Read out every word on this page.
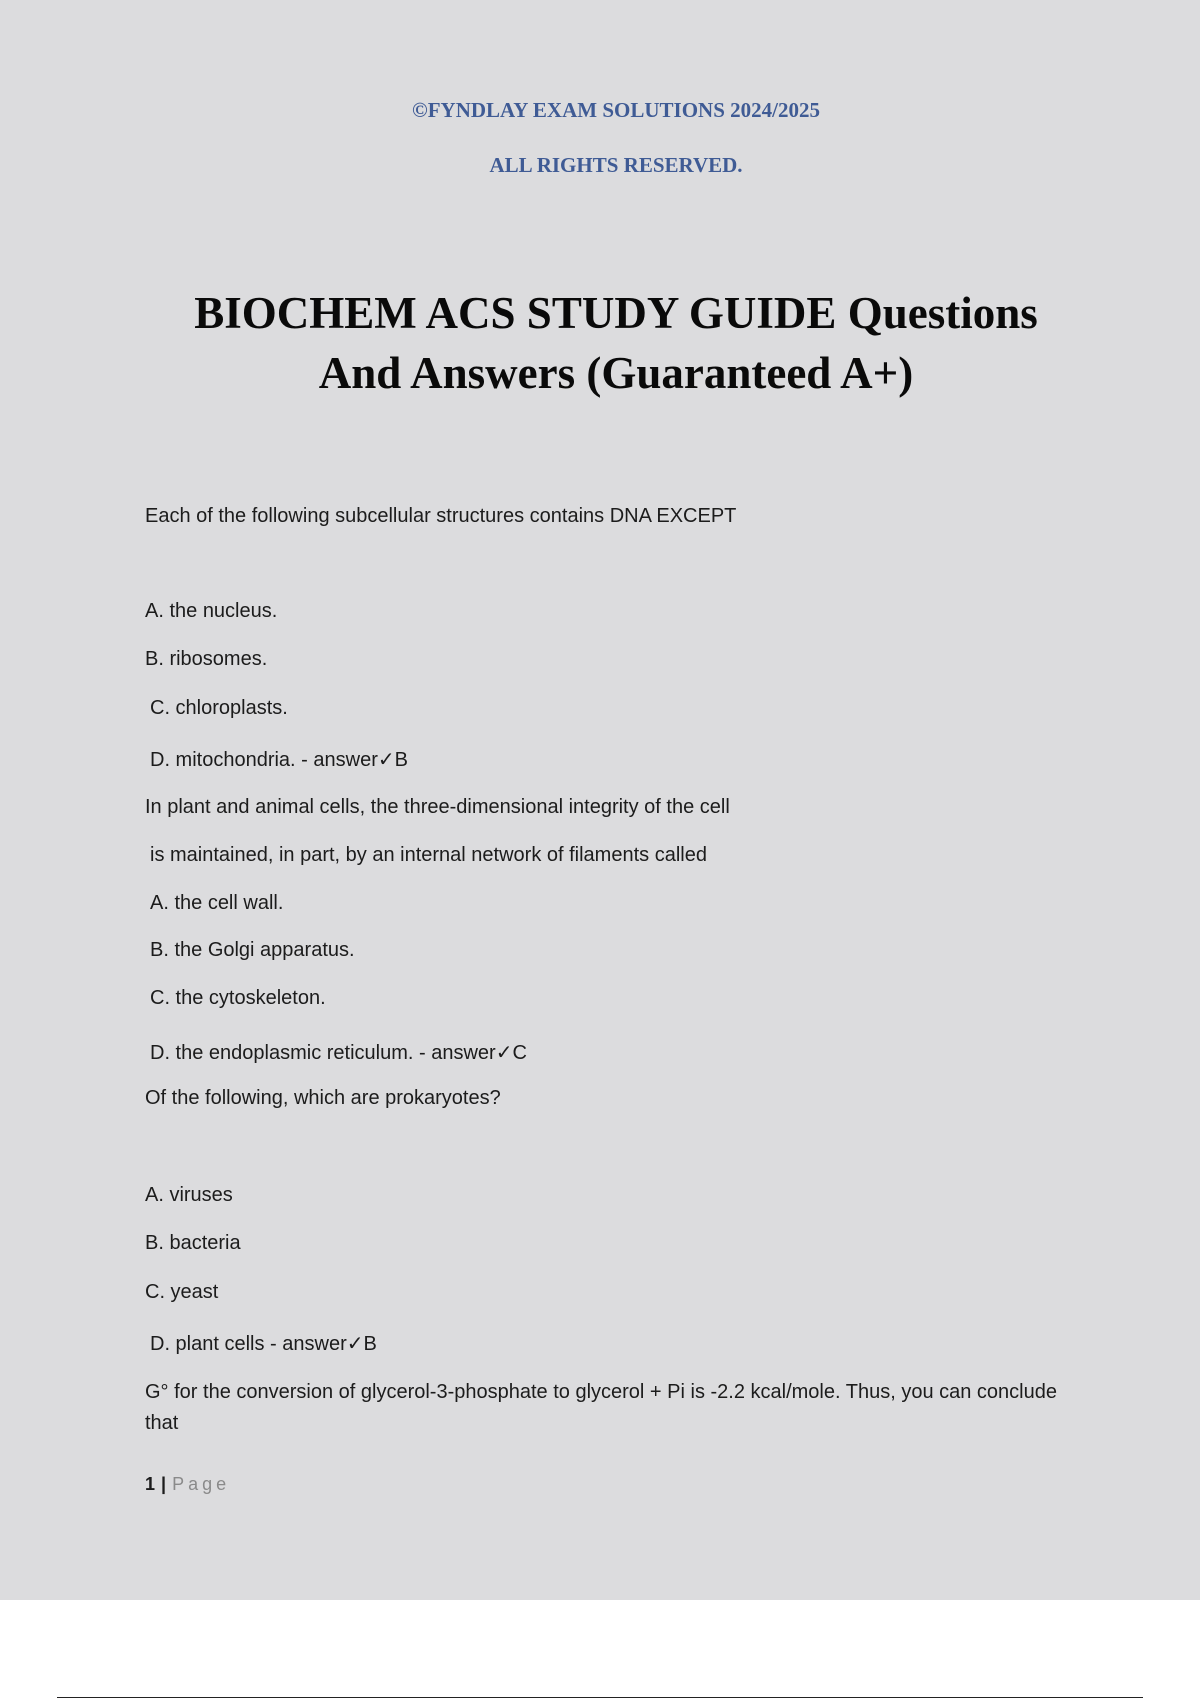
©FYNDLAY EXAM SOLUTIONS 2024/2025
ALL RIGHTS RESERVED.
BIOCHEM ACS STUDY GUIDE Questions
And Answers (Guaranteed A+)
Each of the following subcellular structures contains DNA EXCEPT
A. the nucleus.
B. ribosomes.
C. chloroplasts.
D. mitochondria. - answer✓B
In plant and animal cells, the three-dimensional integrity of the cell
is maintained, in part, by an internal network of filaments called
A. the cell wall.
B. the Golgi apparatus.
C. the cytoskeleton.
D. the endoplasmic reticulum. - answer✓C
Of the following, which are prokaryotes?
A. viruses
B. bacteria
C. yeast
D. plant cells - answer✓B
G° for the conversion of glycerol-3-phosphate to glycerol + Pi is -2.2 kcal/mole. Thus, you can conclude that
1 | Page
